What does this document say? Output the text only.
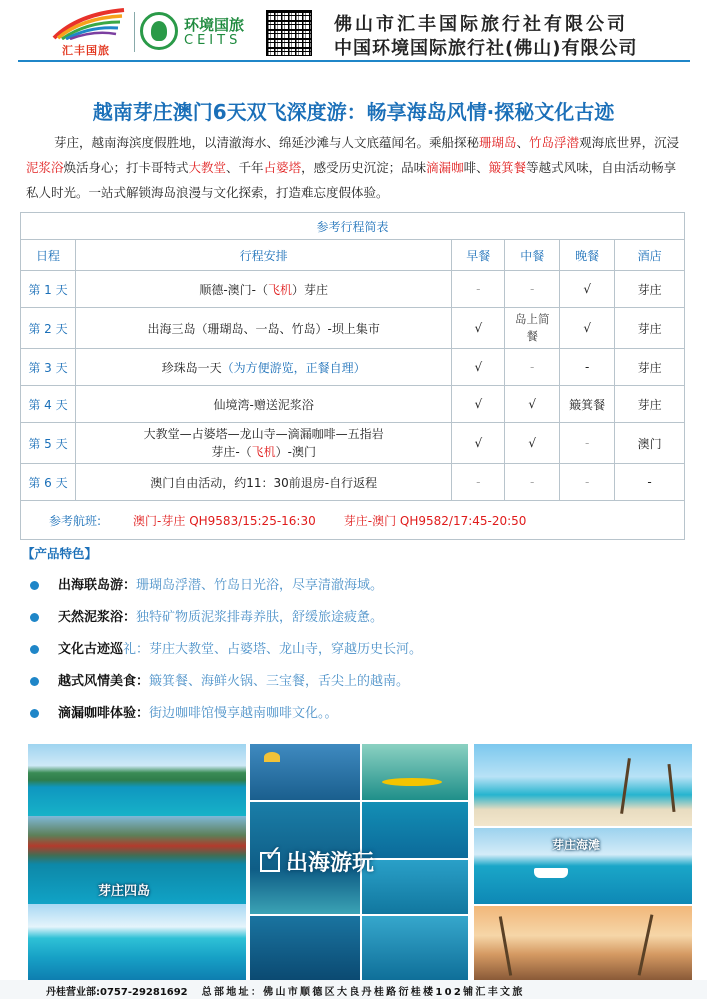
汇丰国旅
环境国旅
CEITS
佛山市汇丰国际旅行社有限公司
中国环境国际旅行社(佛山)有限公司
越南芽庄澳门6天双飞深度游：畅享海岛风情·探秘文化古迹
芽庄，越南海滨度假胜地，以清澈海水、绵延沙滩与人文底蕴闻名。乘船探秘珊瑚岛、竹岛浮潜观海底世界，沉浸泥浆浴焕活身心；打卡哥特式大教堂、千年占婆塔，感受历史沉淀；品味滴漏咖啡、簸箕餐等越式风味，自由活动畅享私人时光。一站式解锁海岛浪漫与文化探索，打造难忘度假体验。
参考行程简表					
日程	行程安排	早餐	中餐	晚餐	酒店
第 1 天	顺德-澳门-（飞机）芽庄	-	-	√	芽庄
第 2 天	出海三岛（珊瑚岛、一岛、竹岛）-坝上集市	√	岛上简餐	√	芽庄
第 3 天	珍珠岛一天（为方便游览，正餐自理）	√	-	-	芽庄
第 4 天	仙境湾-赠送泥浆浴	√	√	簸箕餐	芽庄
第 5 天	大教堂—占婆塔—龙山寺—滴漏咖啡—五指岩
芽庄-（飞机）-澳门	√	√	-	澳门
第 6 天	澳门自由活动，约11：30前退房-自行返程	-	-	-	-
参考航班: 澳门-芽庄 QH9583/15:25-16:30 芽庄-澳门 QH9582/17:45-20:50					
【产品特色】
出海联岛游：珊瑚岛浮潜、竹岛日光浴，尽享清澈海域。
天然泥浆浴：独特矿物质泥浆排毒养肤，舒缓旅途疲惫。
文化古迹巡礼：芽庄大教堂、占婆塔、龙山寺，穿越历史长河。
越式风情美食：簸箕餐、海鲜火锅、三宝餐，舌尖上的越南。
滴漏咖啡体验：街边咖啡馆慢享越南咖啡文化。。
芽庄四岛
芽庄海滩
✓ 出海游玩
丹桂营业部:0757-29281692 总部地址：佛山市顺德区大良丹桂路衍桂楼102铺汇丰文旅
